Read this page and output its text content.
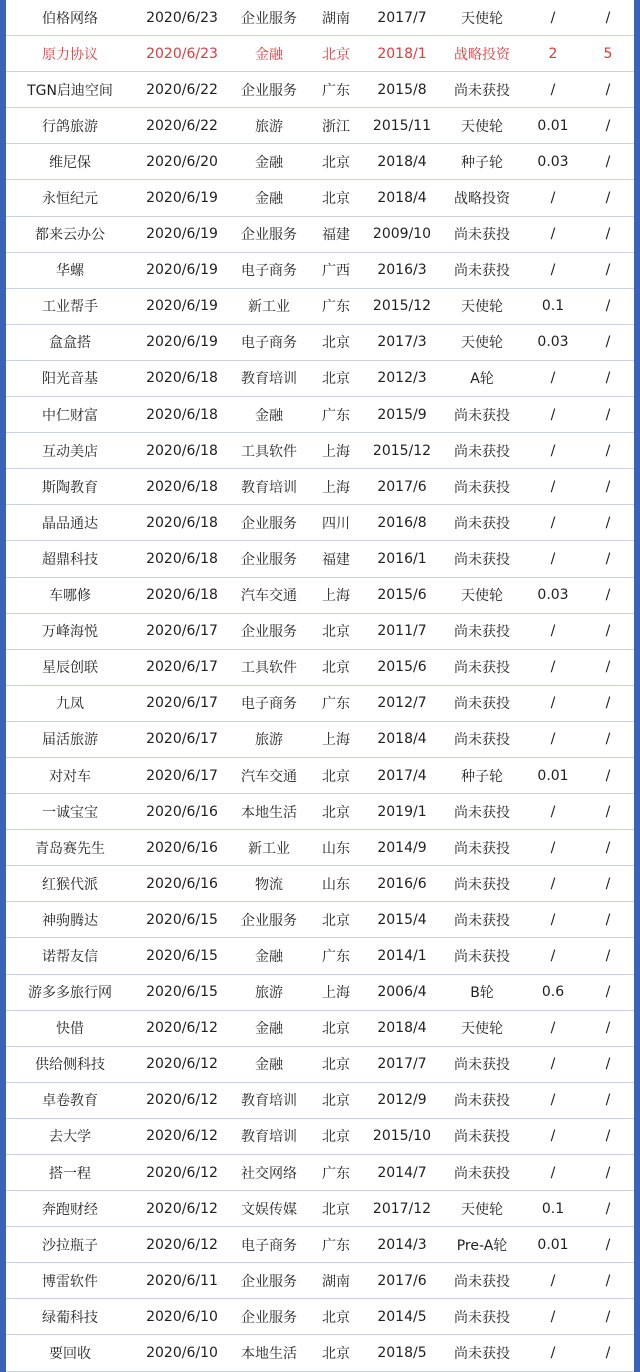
伯格网络	2020/6/23	企业服务	湖南	2017/7	天使轮	/	/
原力协议	2020/6/23	金融	北京	2018/1	战略投资	2	5
TGN启迪空间	2020/6/22	企业服务	广东	2015/8	尚未获投	/	/
行鸽旅游	2020/6/22	旅游	浙江	2015/11	天使轮	0.01	/
维尼保	2020/6/20	金融	北京	2018/4	种子轮	0.03	/
永恒纪元	2020/6/19	金融	北京	2018/4	战略投资	/	/
都来云办公	2020/6/19	企业服务	福建	2009/10	尚未获投	/	/
华螺	2020/6/19	电子商务	广西	2016/3	尚未获投	/	/
工业帮手	2020/6/19	新工业	广东	2015/12	天使轮	0.1	/
盒盒搭	2020/6/19	电子商务	北京	2017/3	天使轮	0.03	/
阳光音基	2020/6/18	教育培训	北京	2012/3	A轮	/	/
中仁财富	2020/6/18	金融	广东	2015/9	尚未获投	/	/
互动美店	2020/6/18	工具软件	上海	2015/12	尚未获投	/	/
斯陶教育	2020/6/18	教育培训	上海	2017/6	尚未获投	/	/
晶品通达	2020/6/18	企业服务	四川	2016/8	尚未获投	/	/
超鼎科技	2020/6/18	企业服务	福建	2016/1	尚未获投	/	/
车哪修	2020/6/18	汽车交通	上海	2015/6	天使轮	0.03	/
万峰海悦	2020/6/17	企业服务	北京	2011/7	尚未获投	/	/
星辰创联	2020/6/17	工具软件	北京	2015/6	尚未获投	/	/
九凤	2020/6/17	电子商务	广东	2012/7	尚未获投	/	/
届活旅游	2020/6/17	旅游	上海	2018/4	尚未获投	/	/
对对车	2020/6/17	汽车交通	北京	2017/4	种子轮	0.01	/
一诚宝宝	2020/6/16	本地生活	北京	2019/1	尚未获投	/	/
青岛赛先生	2020/6/16	新工业	山东	2014/9	尚未获投	/	/
红猴代派	2020/6/16	物流	山东	2016/6	尚未获投	/	/
神驹腾达	2020/6/15	企业服务	北京	2015/4	尚未获投	/	/
诺帮友信	2020/6/15	金融	广东	2014/1	尚未获投	/	/
游多多旅行网	2020/6/15	旅游	上海	2006/4	B轮	0.6	/
快借	2020/6/12	金融	北京	2018/4	天使轮	/	/
供给侧科技	2020/6/12	金融	北京	2017/7	尚未获投	/	/
卓卷教育	2020/6/12	教育培训	北京	2012/9	尚未获投	/	/
去大学	2020/6/12	教育培训	北京	2015/10	尚未获投	/	/
搭一程	2020/6/12	社交网络	广东	2014/7	尚未获投	/	/
奔跑财经	2020/6/12	文娱传媒	北京	2017/12	天使轮	0.1	/
沙拉瓶子	2020/6/12	电子商务	广东	2014/3	Pre-A轮	0.01	/
博雷软件	2020/6/11	企业服务	湖南	2017/6	尚未获投	/	/
绿葡科技	2020/6/10	企业服务	北京	2014/5	尚未获投	/	/
要回收	2020/6/10	本地生活	北京	2018/5	尚未获投	/	/
